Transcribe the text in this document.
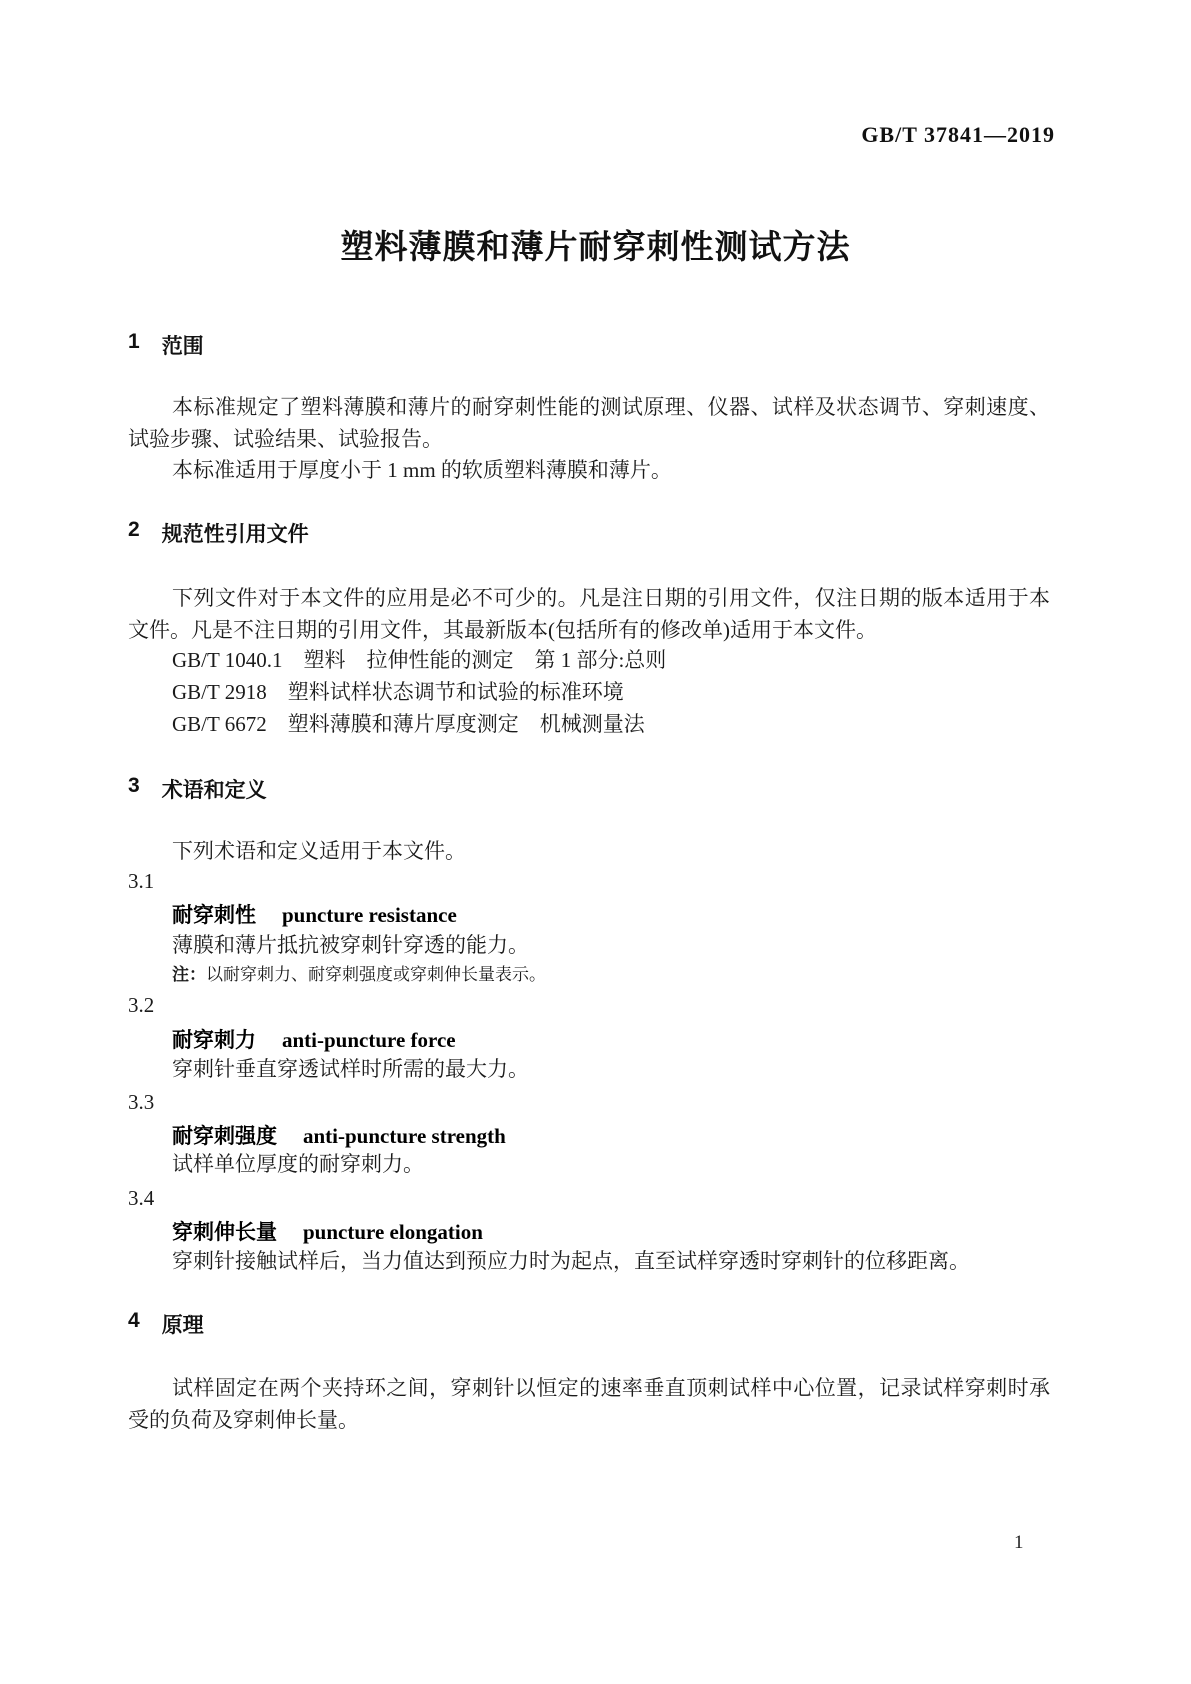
GB/T 37841—2019
塑料薄膜和薄片耐穿刺性测试方法
1 范围
本标准规定了塑料薄膜和薄片的耐穿刺性能的测试原理、仪器、试样及状态调节、穿刺速度、试验步骤、试验结果、试验报告。
本标准适用于厚度小于 1 mm 的软质塑料薄膜和薄片。
2 规范性引用文件
下列文件对于本文件的应用是必不可少的。凡是注日期的引用文件，仅注日期的版本适用于本文件。凡是不注日期的引用文件，其最新版本(包括所有的修改单)适用于本文件。
GB/T 1040.1　塑料　拉伸性能的测定　第 1 部分:总则
GB/T 2918　塑料试样状态调节和试验的标准环境
GB/T 6672　塑料薄膜和薄片厚度测定　机械测量法
3 术语和定义
下列术语和定义适用于本文件。
3.1
耐穿刺性 puncture resistance
薄膜和薄片抵抗被穿刺针穿透的能力。
注：以耐穿刺力、耐穿刺强度或穿刺伸长量表示。
3.2
耐穿刺力 anti-puncture force
穿刺针垂直穿透试样时所需的最大力。
3.3
耐穿刺强度 anti-puncture strength
试样单位厚度的耐穿刺力。
3.4
穿刺伸长量 puncture elongation
穿刺针接触试样后，当力值达到预应力时为起点，直至试样穿透时穿刺针的位移距离。
4 原理
试样固定在两个夹持环之间，穿刺针以恒定的速率垂直顶刺试样中心位置，记录试样穿刺时承受的负荷及穿刺伸长量。
1
